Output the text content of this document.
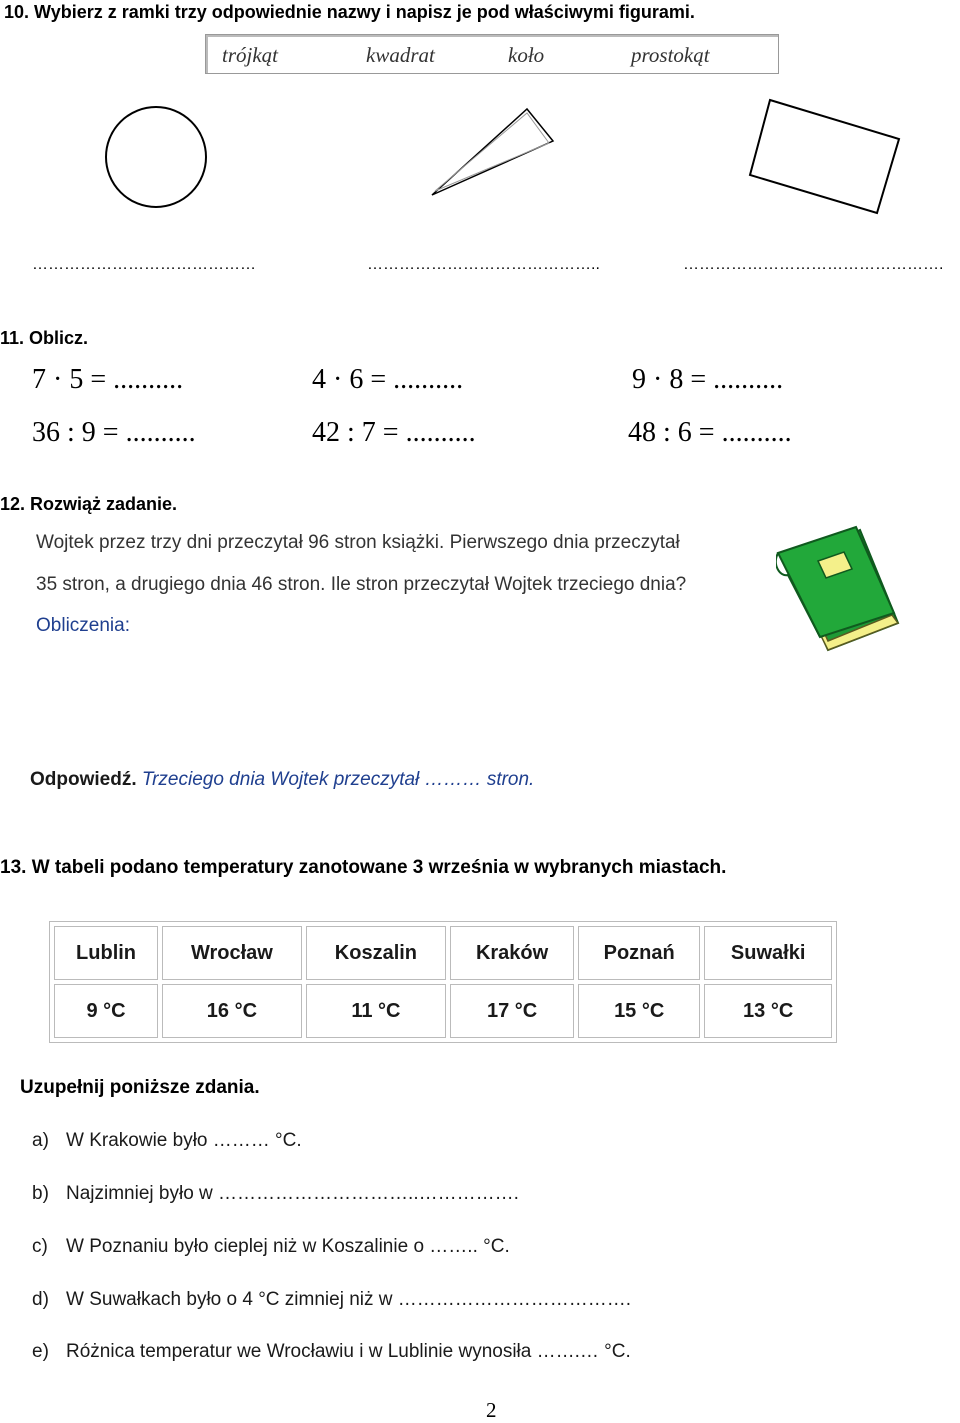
10. Wybierz z ramki trzy odpowiednie nazwy i napisz je pod właściwymi figurami.
trójkąt	kwadrat	koło	prostokąt
……………………………………	……………………………………..	………………………………………….
11. Oblicz.
7 · 5 = ..........	4 · 6 = ..........	9 · 8 = ..........
36 : 9 = ..........	42 : 7 = ..........	48 : 6 = ..........
12. Rozwiąż zadanie.
Wojtek przez trzy dni przeczytał 96 stron książki. Pierwszego dnia przeczytał
35 stron, a drugiego dnia 46 stron. Ile stron przeczytał Wojtek trzeciego dnia?
Obliczenia:
Odpowiedź. Trzeciego dnia Wojtek przeczytał ……… stron.
13. W tabeli podano temperatury zanotowane 3 września w wybranych miastach.
Lublin	Wrocław	Koszalin	Kraków	Poznań	Suwałki
9 °C	16 °C	11 °C	17 °C	15 °C	13 °C
Uzupełnij poniższe zdania.
a) W Krakowie było ……… °C.
b) Najzimniej było w …………………………..…………….
c) W Poznaniu było cieplej niż w Koszalinie o …….. °C.
d) W Suwałkach było o 4 °C zimniej niż w ……………………………….
e) Różnica temperatur we Wrocławiu i w Lublinie wynosiła …….… °C.
2
